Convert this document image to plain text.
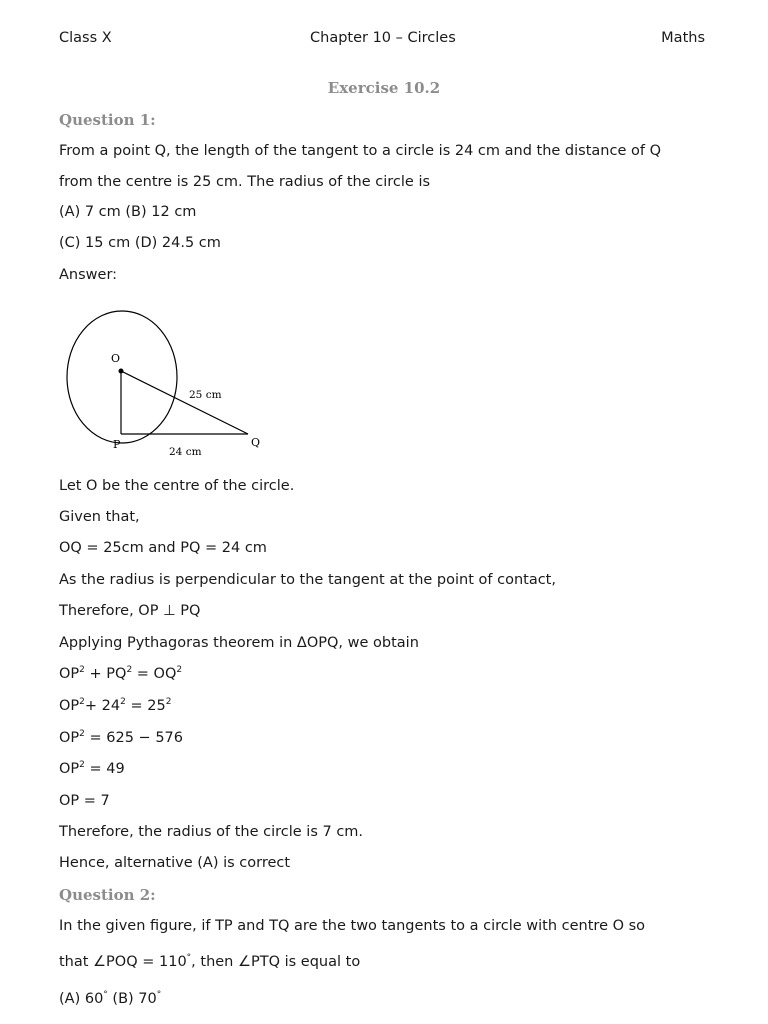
Class X	Chapter 10 – Circles	Maths
Exercise 10.2
Question 1:
From a point Q, the length of the tangent to a circle is 24 cm and the distance of Q
from the centre is 25 cm. The radius of the circle is
(A) 7 cm (B) 12 cm
(C) 15 cm (D) 24.5 cm
Answer:
O
P	Q
25 cm
24 cm
Let O be the centre of the circle.
Given that,
OQ = 25cm and PQ = 24 cm
As the radius is perpendicular to the tangent at the point of contact,
Therefore, OP ⊥ PQ
Applying Pythagoras theorem in ΔOPQ, we obtain
$OP^2 + PQ^2 = OQ^2$
$OP^2+ 24^2 = 25^2$
$OP^2 = 625 - 576$
$OP^2 = 49$
OP = 7
Therefore, the radius of the circle is 7 cm.
Hence, alternative (A) is correct
Question 2:
In the given figure, if TP and TQ are the two tangents to a circle with centre O so
that ∠POQ = 110°, then ∠PTQ is equal to
(A) 60° (B) 70°
